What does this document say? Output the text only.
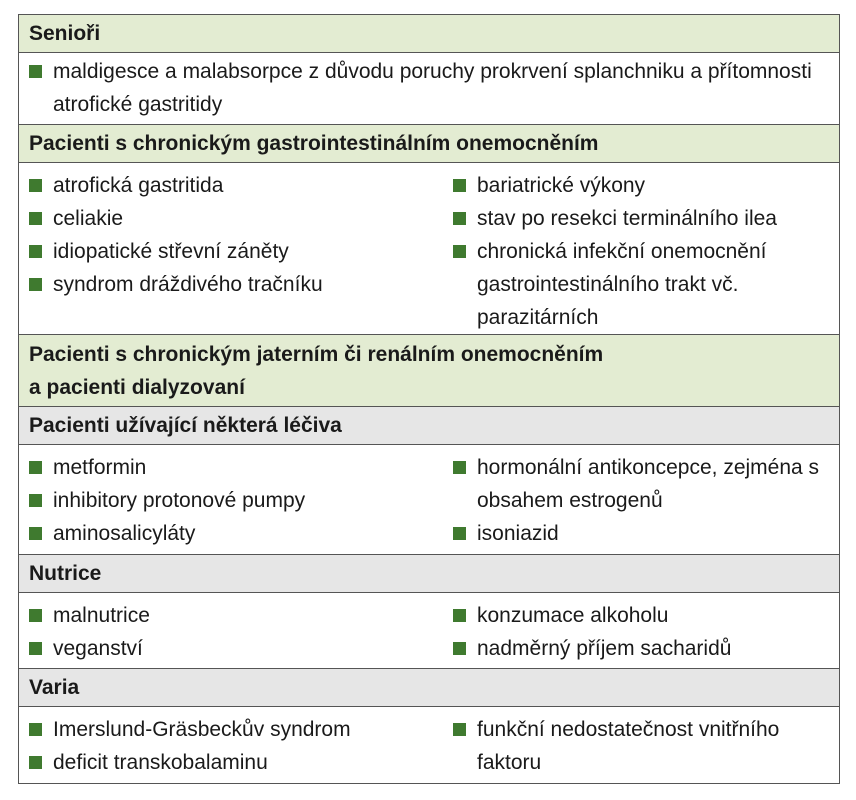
Senioři
maldigesce a malabsorpce z důvodu poruchy prokrvení splanchniku a přítomnosti atrofické gastritidy
Pacienti s chronickým gastrointestinálním onemocněním
atrofická gastritida
celiakie
idiopatické střevní záněty
syndrom dráždivého tračníku
bariatrické výkony
stav po resekci terminálního ilea
chronická infekční onemocnění gastrointestinálního trakt vč. parazitárních
Pacienti s chronickým jaterním či renálním onemocněním
a pacienti dialyzovaní
Pacienti užívající některá léčiva
metformin
inhibitory protonové pumpy
aminosalicyláty
hormonální antikoncepce, zejména s obsahem estrogenů
isoniazid
Nutrice
malnutrice
veganství
konzumace alkoholu
nadměrný příjem sacharidů
Varia
Imerslund-Gräsbeckův syndrom
deficit transkobalaminu
funkční nedostatečnost vnitřního faktoru
